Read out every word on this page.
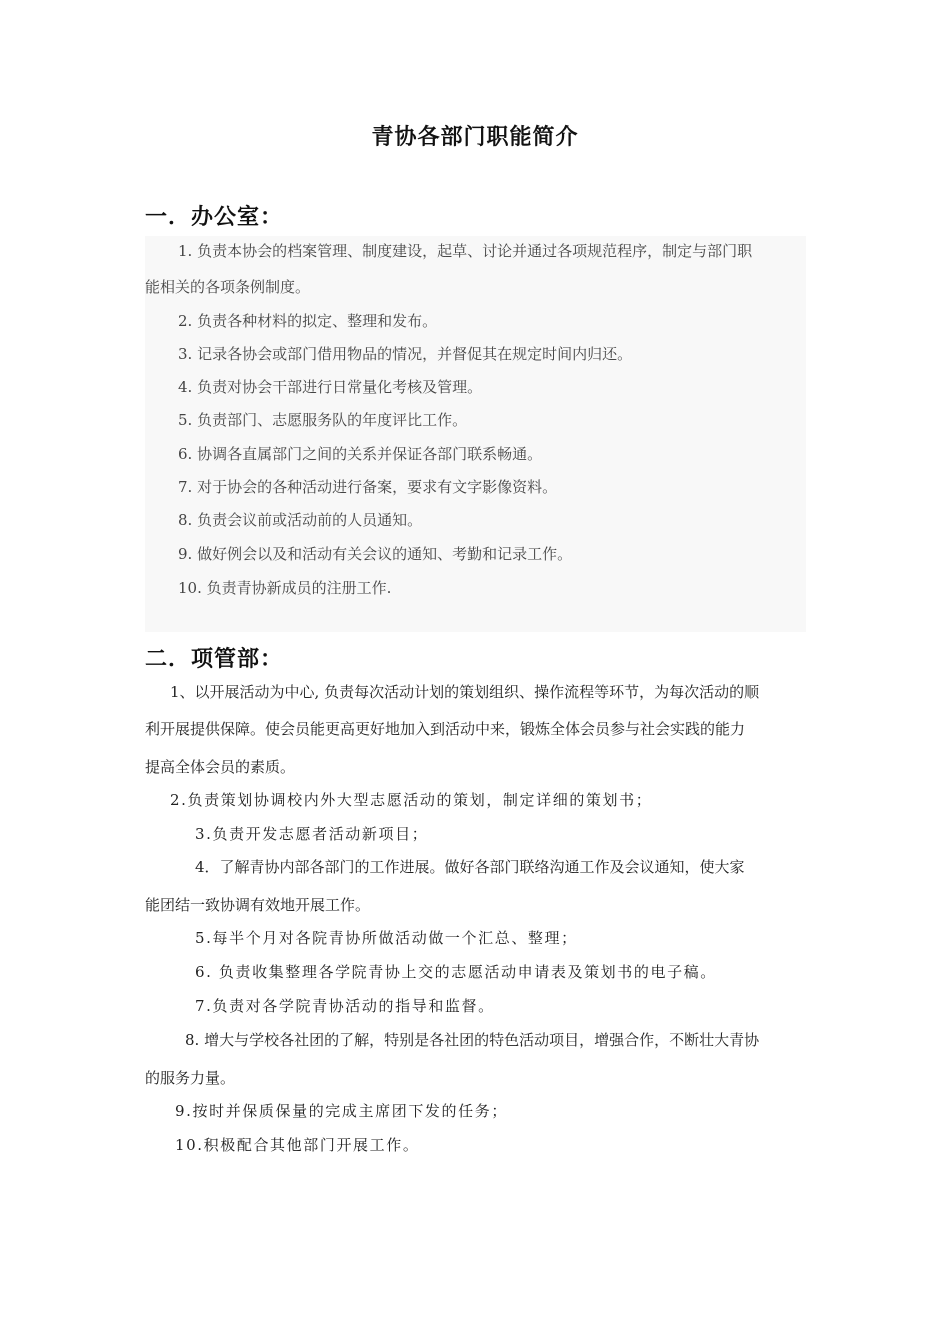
青协各部门职能简介
一．办公室：
1. 负责本协会的档案管理、制度建设，起草、讨论并通过各项规范程序，制定与部门职
能相关的各项条例制度。
2. 负责各种材料的拟定、整理和发布。
3. 记录各协会或部门借用物品的情况，并督促其在规定时间内归还。
4. 负责对协会干部进行日常量化考核及管理。
5. 负责部门、志愿服务队的年度评比工作。
6. 协调各直属部门之间的关系并保证各部门联系畅通。
7. 对于协会的各种活动进行备案，要求有文字影像资料。
8. 负责会议前或活动前的人员通知。
9. 做好例会以及和活动有关会议的通知、考勤和记录工作。
10. 负责青协新成员的注册工作.
二．项管部：
1、以开展活动为中心, 负责每次活动计划的策划组织、操作流程等环节，为每次活动的顺
利开展提供保障。使会员能更高更好地加入到活动中来，锻炼全体会员参与社会实践的能力
提高全体会员的素质。
2.负责策划协调校内外大型志愿活动的策划，制定详细的策划书；
3.负责开发志愿者活动新项目；
4．了解青协内部各部门的工作进展。做好各部门联络沟通工作及会议通知，使大家
能团结一致协调有效地开展工作。
5.每半个月对各院青协所做活动做一个汇总、整理；
6. 负责收集整理各学院青协上交的志愿活动申请表及策划书的电子稿。
7.负责对各学院青协活动的指导和监督。
8. 增大与学校各社团的了解，特别是各社团的特色活动项目，增强合作，不断壮大青协
的服务力量。
9.按时并保质保量的完成主席团下发的任务；
10.积极配合其他部门开展工作。
